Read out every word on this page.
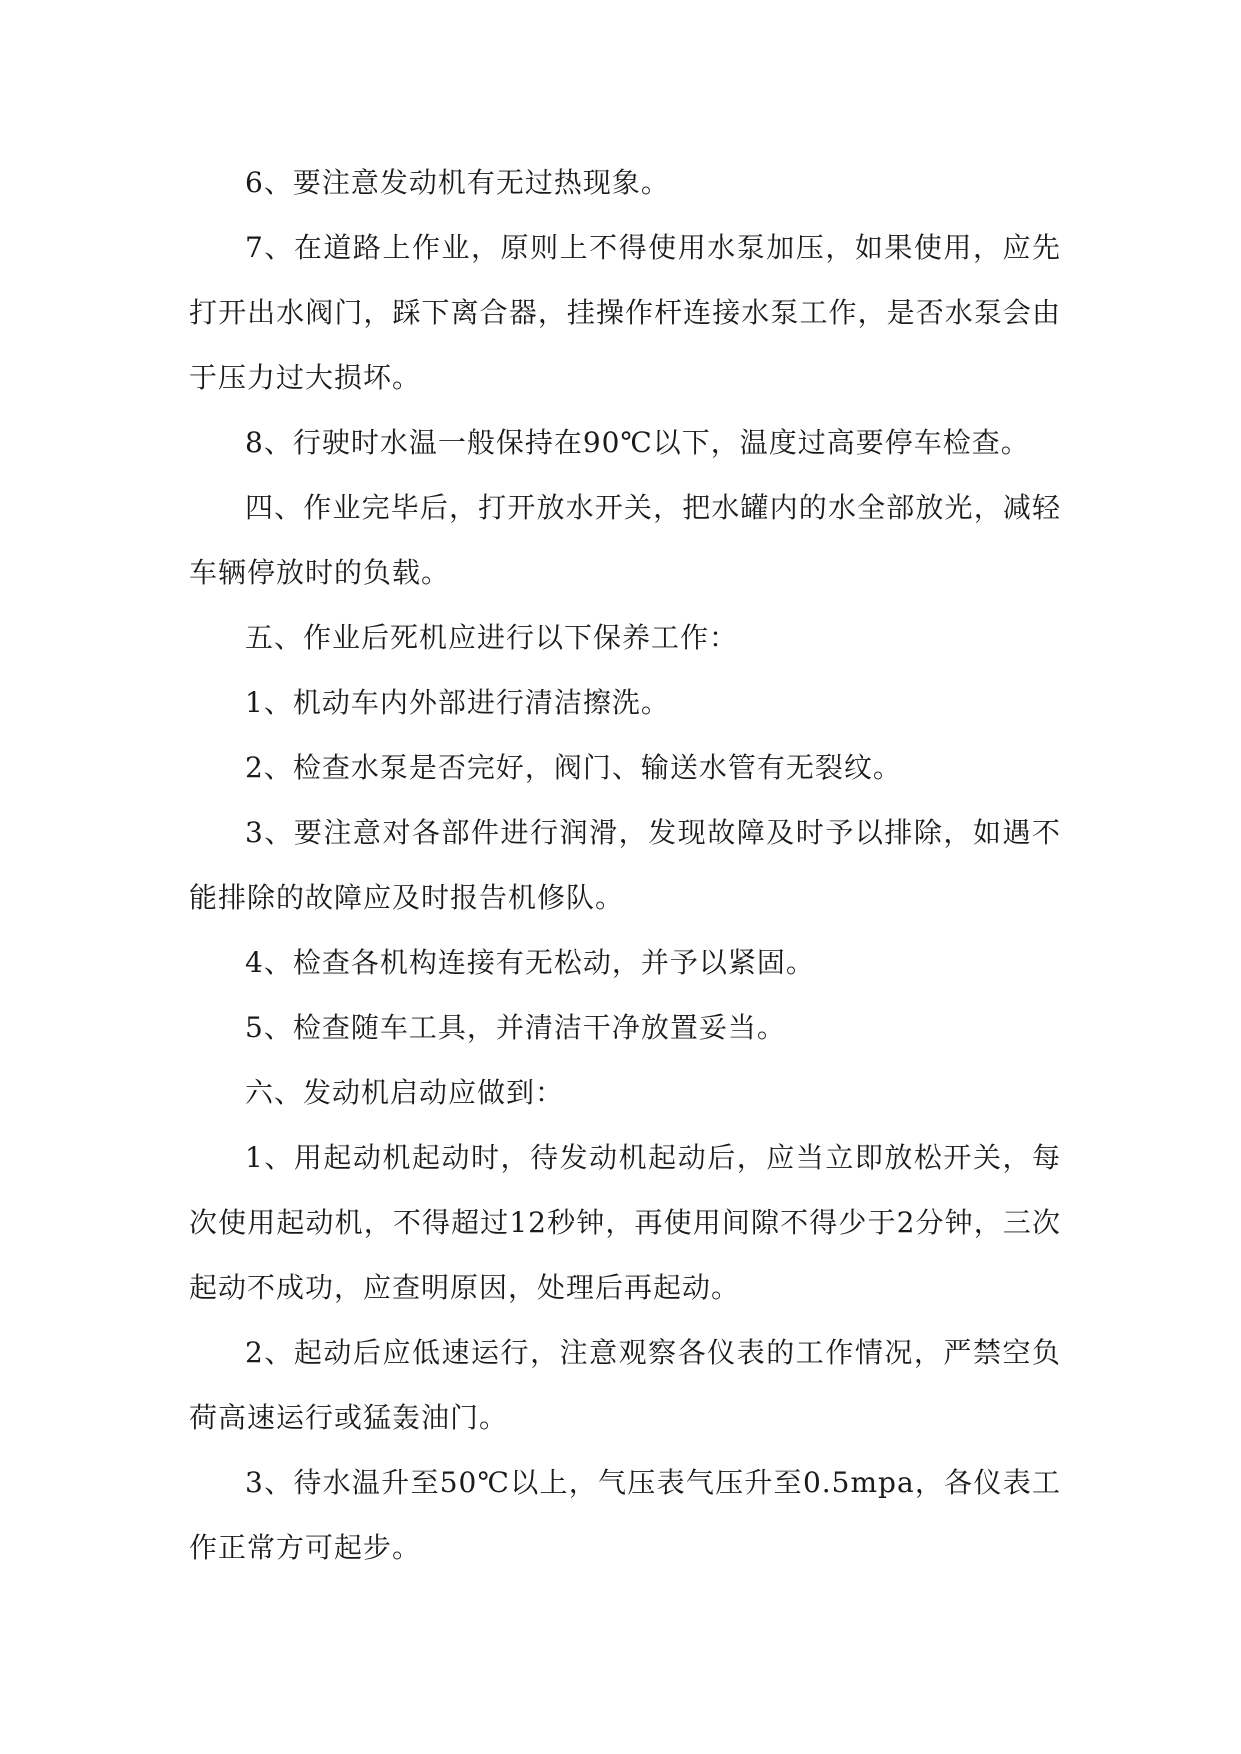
6、要注意发动机有无过热现象。

7、在道路上作业，原则上不得使用水泵加压，如果使用，应先打开出水阀门，踩下离合器，挂操作杆连接水泵工作，是否水泵会由于压力过大损坏。

8、行驶时水温一般保持在90℃以下，温度过高要停车检查。

四、作业完毕后，打开放水开关，把水罐内的水全部放光，减轻车辆停放时的负载。

五、作业后死机应进行以下保养工作：

1、机动车内外部进行清洁擦洗。

2、检查水泵是否完好，阀门、输送水管有无裂纹。

3、要注意对各部件进行润滑，发现故障及时予以排除，如遇不能排除的故障应及时报告机修队。

4、检查各机构连接有无松动，并予以紧固。

5、检查随车工具，并清洁干净放置妥当。

六、发动机启动应做到：

1、用起动机起动时，待发动机起动后，应当立即放松开关，每次使用起动机，不得超过12秒钟，再使用间隙不得少于2分钟，三次起动不成功，应查明原因，处理后再起动。

2、起动后应低速运行，注意观察各仪表的工作情况，严禁空负荷高速运行或猛轰油门。

3、待水温升至50℃以上，气压表气压升至0.5mpa，各仪表工作正常方可起步。
